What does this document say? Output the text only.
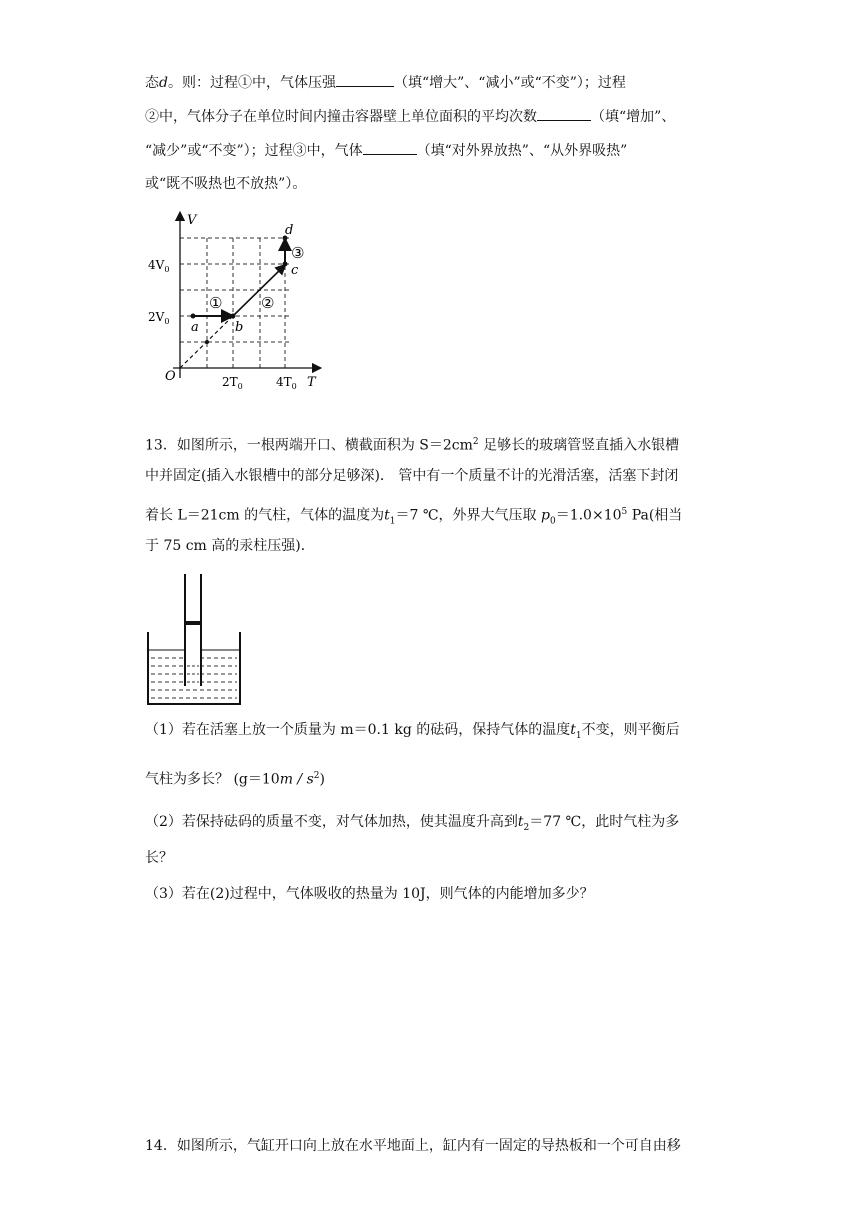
态d。则：过程①中，气体压强	（填“增大”、“减小”或“不变”）；过程
②中，气体分子在单位时间内撞击容器壁上单位面积的平均次数	（填“增加”、
“减少”或“不变”）；过程③中，气体	（填“对外界放热”、“从外界吸热”
或“既不吸热也不放热”）。
V
T
O
$4V_0$
$2V_0$
$2T_0$	$4T_0$
a	b
c
d
①	②
③
13．如图所示，一根两端开口、横截面积为 $S=2cm^2$ 足够长的玻璃管竖直插入水银槽
中并固定(插入水银槽中的部分足够深)． 管中有一个质量不计的光滑活塞，活塞下封闭
着长 L＝21cm 的气柱，气体的温度为$t_1=7$ ℃，外界大气压取 $p_0=1.0\times 10^5$ Pa(相当
于 75 cm 高的汞柱压强)．
（1）若在活塞上放一个质量为 m＝0.1 kg 的砝码，保持气体的温度$t_1$不变，则平衡后
气柱为多长？ $(g=10m / s^2)$
（2）若保持砝码的质量不变，对气体加热，使其温度升高到$t_2=77$ ℃，此时气柱为多
长？
（3）若在(2)过程中，气体吸收的热量为 10J，则气体的内能增加多少？
14．如图所示，气缸开口向上放在水平地面上，缸内有一固定的导热板和一个可自由移
